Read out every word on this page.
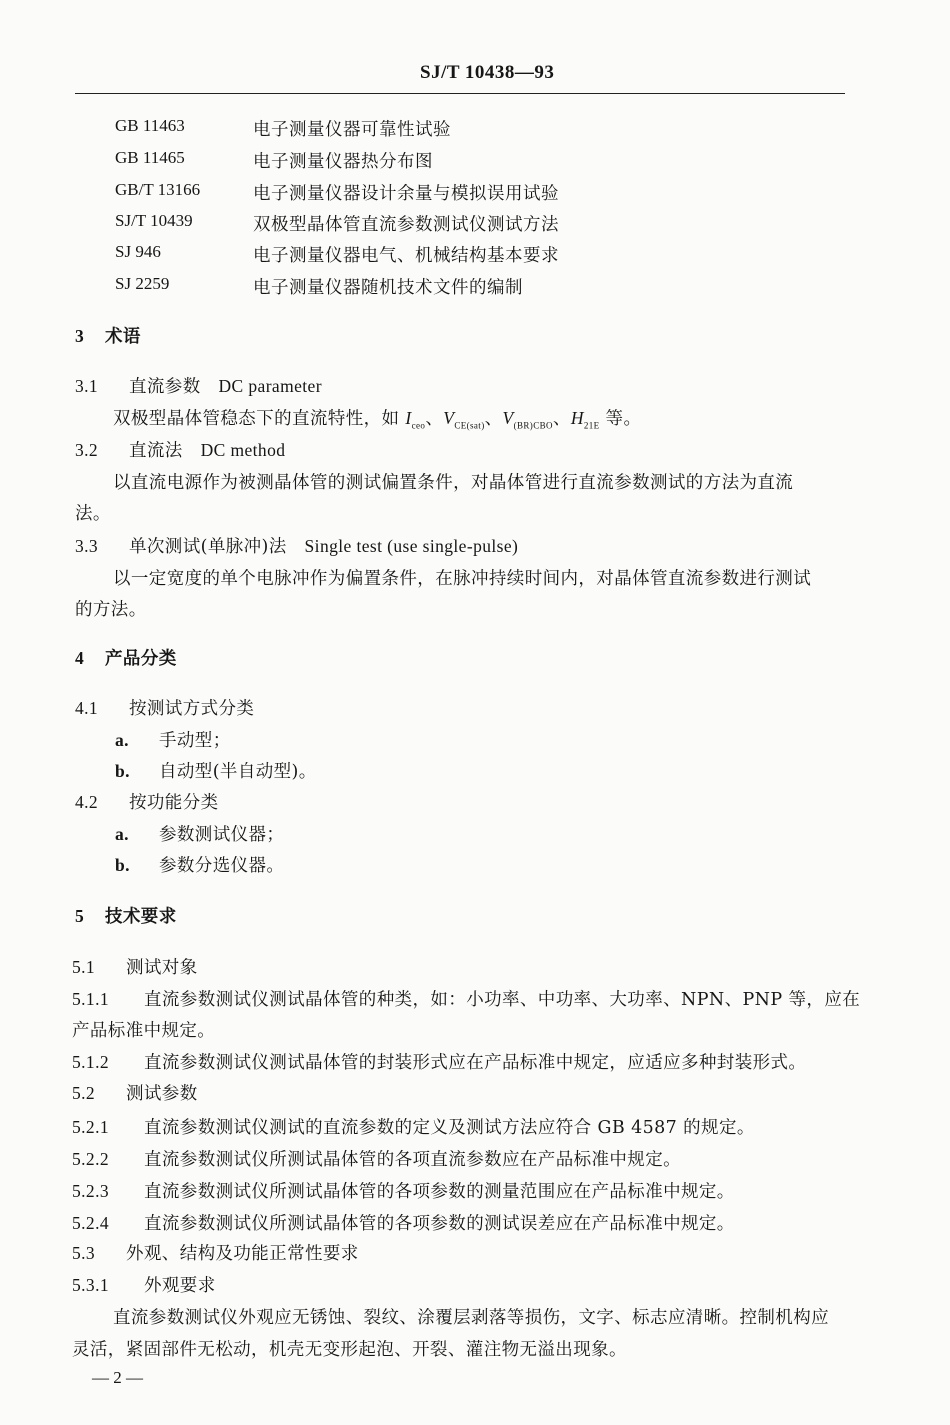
SJ/T 10438—93
GB 11463	电子测量仪器可靠性试验
GB 11465	电子测量仪器热分布图
GB/T 13166	电子测量仪器设计余量与模拟误用试验
SJ/T 10439	双极型晶体管直流参数测试仪测试方法
SJ 946	电子测量仪器电气、机械结构基本要求
SJ 2259	电子测量仪器随机技术文件的编制
3 术语
3.1 直流参数 DC parameter
双极型晶体管稳态下的直流特性，如 $I_{ceo}$、$V_{CE(sat)}$、$V_{(BR)CBO}$、$H_{21E}$ 等。
3.2 直流法 DC method
以直流电源作为被测晶体管的测试偏置条件，对晶体管进行直流参数测试的方法为直流
法。
3.3 单次测试(单脉冲)法 Single test (use single-pulse)
以一定宽度的单个电脉冲作为偏置条件，在脉冲持续时间内，对晶体管直流参数进行测试
的方法。
4 产品分类
4.1 按测试方式分类
a. 手动型；
b. 自动型(半自动型)。
4.2 按功能分类
a. 参数测试仪器；
b. 参数分选仪器。
5 技术要求
5.1 测试对象
5.1.1 直流参数测试仪测试晶体管的种类，如：小功率、中功率、大功率、NPN、PNP 等，应在
产品标准中规定。
5.1.2 直流参数测试仪测试晶体管的封装形式应在产品标准中规定，应适应多种封装形式。
5.2 测试参数
5.2.1 直流参数测试仪测试的直流参数的定义及测试方法应符合 GB 4587 的规定。
5.2.2 直流参数测试仪所测试晶体管的各项直流参数应在产品标准中规定。
5.2.3 直流参数测试仪所测试晶体管的各项参数的测量范围应在产品标准中规定。
5.2.4 直流参数测试仪所测试晶体管的各项参数的测试误差应在产品标准中规定。
5.3 外观、结构及功能正常性要求
5.3.1 外观要求
直流参数测试仪外观应无锈蚀、裂纹、涂覆层剥落等损伤，文字、标志应清晰。控制机构应
灵活，紧固部件无松动，机壳无变形起泡、开裂、灌注物无溢出现象。
— 2 —
